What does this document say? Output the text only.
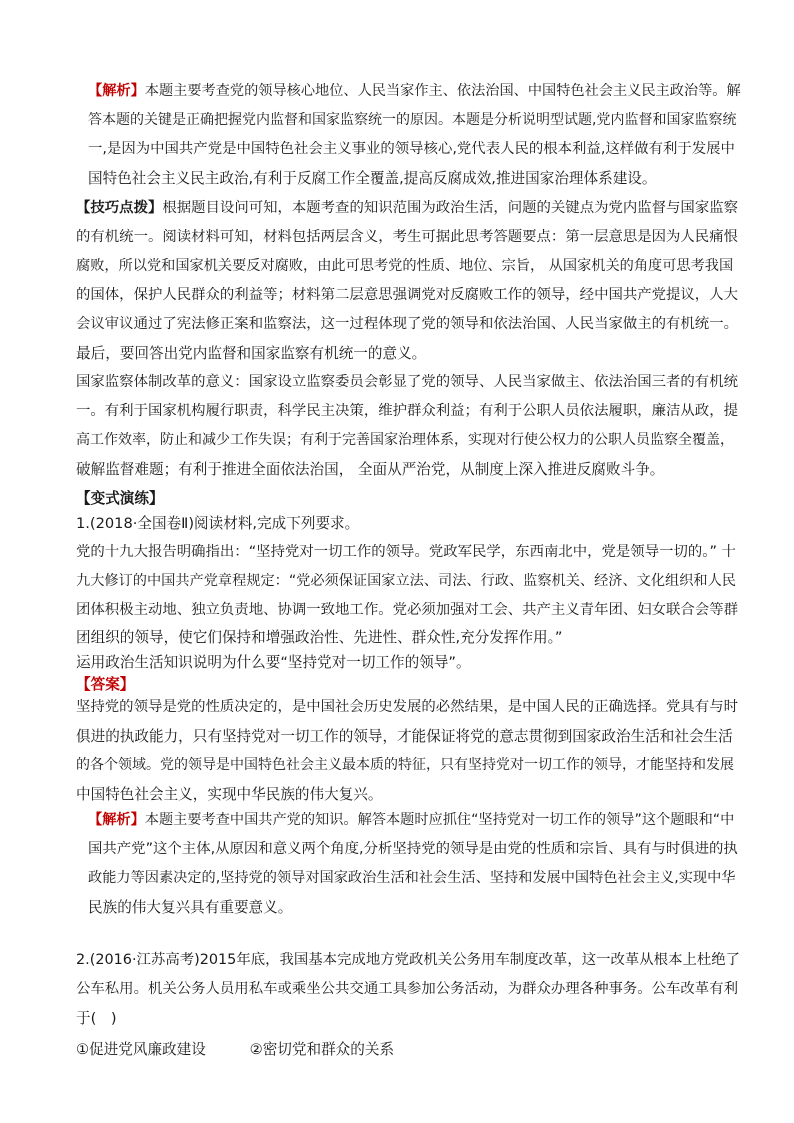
【解析】本题主要考查党的领导核心地位、人民当家作主、依法治国、中国特色社会主义民主政治等。解
答本题的关键是正确把握党内监督和国家监察统一的原因。本题是分析说明型试题,党内监督和国家监察统
一,是因为中国共产党是中国特色社会主义事业的领导核心,党代表人民的根本利益,这样做有利于发展中
国特色社会主义民主政治,有利于反腐工作全覆盖,提高反腐成效,推进国家治理体系建设。
【技巧点拨】根据题目设问可知，本题考查的知识范围为政治生活，问题的关键点为党内监督与国家监察
的有机统一。阅读材料可知，材料包括两层含义，考生可据此思考答题要点：第一层意思是因为人民痛恨
腐败，所以党和国家机关要反对腐败，由此可思考党的性质、地位、宗旨， 从国家机关的角度可思考我国
的国体，保护人民群众的利益等；材料第二层意思强调党对反腐败工作的领导，经中国共产党提议，人大
会议审议通过了宪法修正案和监察法，这一过程体现了党的领导和依法治国、人民当家做主的有机统一。
最后，要回答出党内监督和国家监察有机统一的意义。
国家监察体制改革的意义：国家设立监察委员会彰显了党的领导、人民当家做主、依法治国三者的有机统
一。有利于国家机构履行职责，科学民主决策，维护群众利益；有利于公职人员依法履职，廉洁从政，提
高工作效率，防止和减少工作失误；有利于完善国家治理体系，实现对行使公权力的公职人员监察全覆盖，
破解监督难题；有利于推进全面依法治国， 全面从严治党，从制度上深入推进反腐败斗争。
【变式演练】
1.(2018·全国卷Ⅱ)阅读材料,完成下列要求。
党的十九大报告明确指出：“坚持党对一切工作的领导。党政军民学，东西南北中，党是领导一切的。” 十
九大修订的中国共产党章程规定：“党必须保证国家立法、司法、行政、监察机关、经济、文化组织和人民
团体积极主动地、独立负责地、协调一致地工作。党必须加强对工会、共产主义青年团、妇女联合会等群
团组织的领导，使它们保持和增强政治性、先进性、群众性,充分发挥作用。”
运用政治生活知识说明为什么要“坚持党对一切工作的领导”。
【答案】
坚持党的领导是党的性质决定的，是中国社会历史发展的必然结果，是中国人民的正确选择。党具有与时
俱进的执政能力，只有坚持党对一切工作的领导，才能保证将党的意志贯彻到国家政治生活和社会生活
的各个领域。党的领导是中国特色社会主义最本质的特征，只有坚持党对一切工作的领导，才能坚持和发展
中国特色社会主义，实现中华民族的伟大复兴。
【解析】本题主要考查中国共产党的知识。解答本题时应抓住“坚持党对一切工作的领导”这个题眼和“中
国共产党”这个主体,从原因和意义两个角度,分析坚持党的领导是由党的性质和宗旨、具有与时俱进的执
政能力等因素决定的,坚持党的领导对国家政治生活和社会生活、坚持和发展中国特色社会主义,实现中华
民族的伟大复兴具有重要意义。
2.(2016·江苏高考)2015年底，我国基本完成地方党政机关公务用车制度改革，这一改革从根本上杜绝了
公车私用。机关公务人员用私车或乘坐公共交通工具参加公务活动，为群众办理各种事务。公车改革有利
于(　)
①促进党风廉政建设　　　②密切党和群众的关系
